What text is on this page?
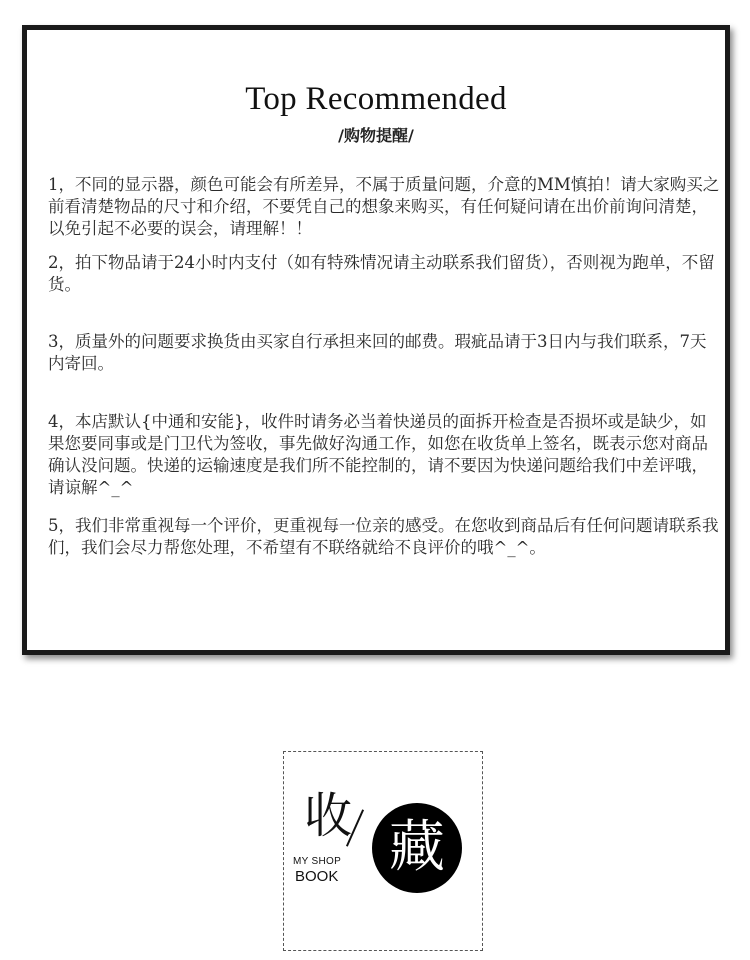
Top Recommended
/购物提醒/

1，不同的显示器，颜色可能会有所差异，不属于质量问题，介意的MM慎拍！请大家购买之前看清楚物品的尺寸和介绍，不要凭自己的想象来购买，有任何疑问请在出价前询问清楚，以免引起不必要的误会，请理解！！

2，拍下物品请于24小时内支付（如有特殊情况请主动联系我们留货），否则视为跑单，不留货。

3，质量外的问题要求换货由买家自行承担来回的邮费。瑕疵品请于3日内与我们联系，7天内寄回。

4，本店默认{中通和安能}，收件时请务必当着快递员的面拆开检查是否损坏或是缺少，如果您要同事或是门卫代为签收，事先做好沟通工作，如您在收货单上签名，既表示您对商品确认没问题。快递的运输速度是我们所不能控制的，请不要因为快递问题给我们中差评哦，请谅解^_^

5，我们非常重视每一个评价，更重视每一位亲的感受。在您收到商品后有任何问题请联系我们，我们会尽力帮您处理，不希望有不联络就给不良评价的哦^_^。

收
MY SHOP
BOOK 藏
